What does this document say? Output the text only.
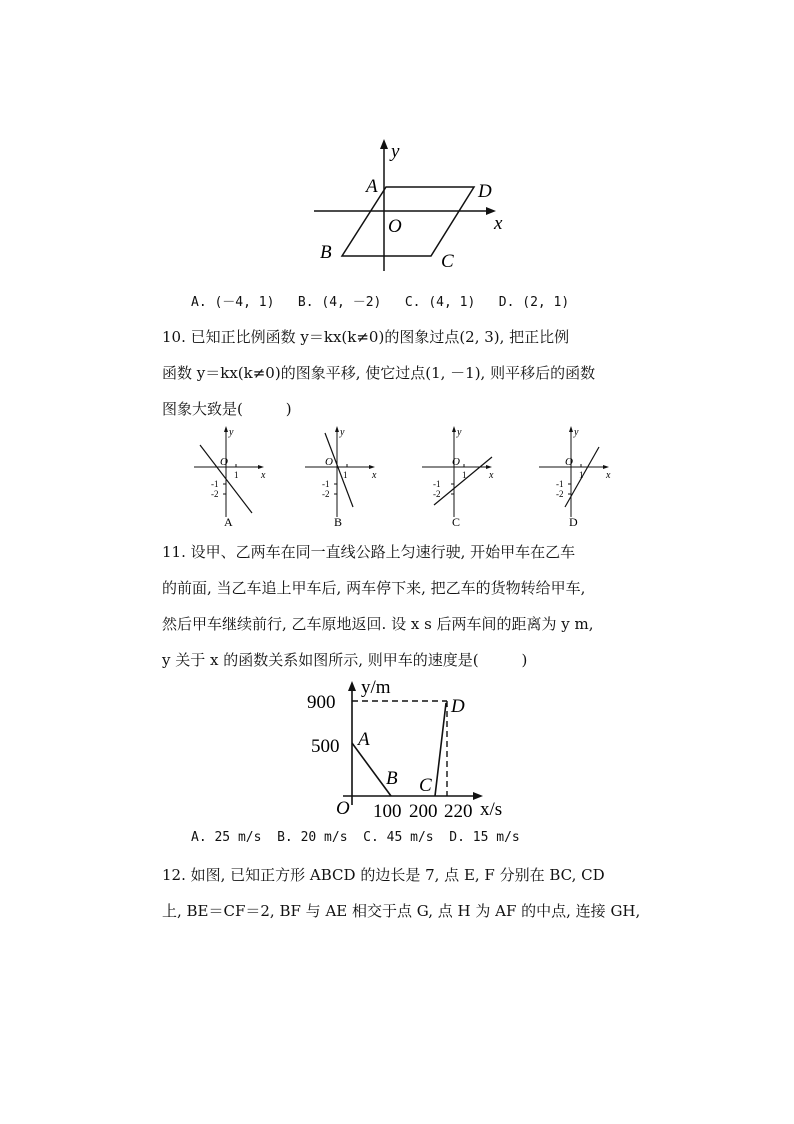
y
x
A	D
O
B	C
A. (－4, 1)   B. (4, －2)   C. (4, 1)   D. (2, 1)
10. 已知正比例函数 y＝kx(k≠0)的图象过点(2, 3), 把正比例
函数 y＝kx(k≠0)的图象平移, 使它过点(1, －1), 则平移后的函数
图象大致是(         )
y
x
O
1
-1
-2
A
y
x
O
1
-1
-2
B
y
x
O
1
-1
-2
C
y
x
O
1
-1
-2
D
11. 设甲、乙两车在同一直线公路上匀速行驶, 开始甲车在乙车
的前面, 当乙车追上甲车后, 两车停下来, 把乙车的货物转给甲车,
然后甲车继续前行, 乙车原地返回. 设 x s 后两车间的距离为 y m,
y 关于 x 的函数关系如图所示, 则甲车的速度是(         )
y/m
900
500 A
D
B C
O 100 200 220 x/s
A. 25 m/s  B. 20 m/s  C. 45 m/s  D. 15 m/s
12. 如图, 已知正方形 ABCD 的边长是 7, 点 E, F 分别在 BC, CD
上, BE＝CF＝2, BF 与 AE 相交于点 G, 点 H 为 AF 的中点, 连接 GH,
